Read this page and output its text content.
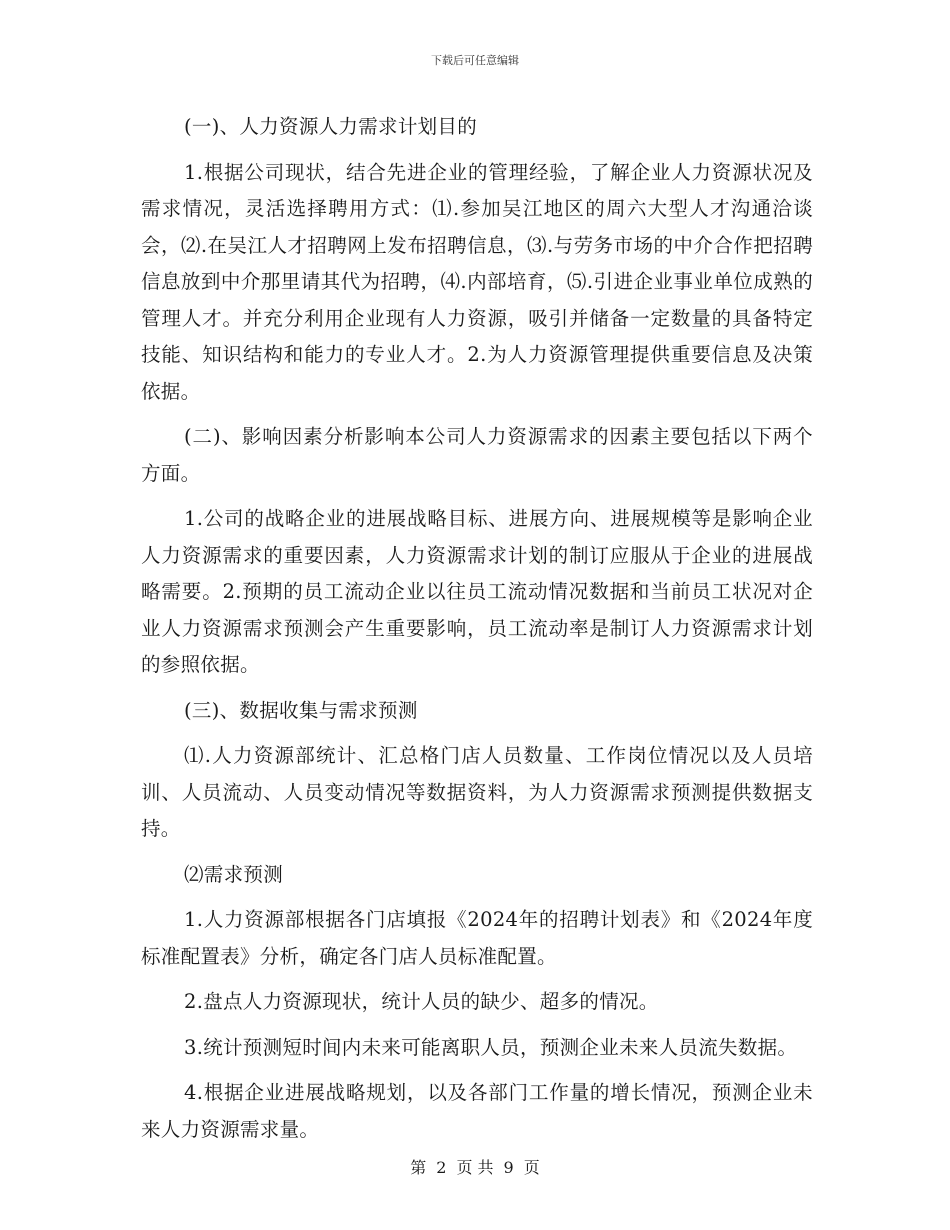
下载后可任意编辑

(一)、人力资源人力需求计划目的

1.根据公司现状，结合先进企业的管理经验，了解企业人力资源状况及需求情况，灵活选择聘用方式：⑴.参加吴江地区的周六大型人才沟通洽谈会，⑵.在吴江人才招聘网上发布招聘信息，⑶.与劳务市场的中介合作把招聘信息放到中介那里请其代为招聘，⑷.内部培育，⑸.引进企业事业单位成熟的管理人才。并充分利用企业现有人力资源，吸引并储备一定数量的具备特定技能、知识结构和能力的专业人才。2.为人力资源管理提供重要信息及决策依据。

(二)、影响因素分析影响本公司人力资源需求的因素主要包括以下两个方面。

1.公司的战略企业的进展战略目标、进展方向、进展规模等是影响企业人力资源需求的重要因素，人力资源需求计划的制订应服从于企业的进展战略需要。2.预期的员工流动企业以往员工流动情况数据和当前员工状况对企业人力资源需求预测会产生重要影响，员工流动率是制订人力资源需求计划的参照依据。

(三)、数据收集与需求预测

⑴.人力资源部统计、汇总格门店人员数量、工作岗位情况以及人员培训、人员流动、人员变动情况等数据资料，为人力资源需求预测提供数据支持。

⑵需求预测

1.人力资源部根据各门店填报《2024年的招聘计划表》和《2024年度标准配置表》分析，确定各门店人员标准配置。

2.盘点人力资源现状，统计人员的缺少、超多的情况。

3.统计预测短时间内未来可能离职人员，预测企业未来人员流失数据。

4.根据企业进展战略规划，以及各部门工作量的增长情况，预测企业未来人力资源需求量。

第 2 页 共 9 页
